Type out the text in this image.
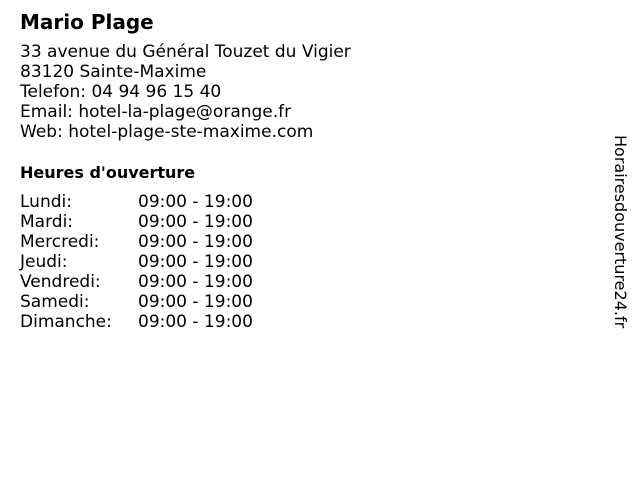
Mario Plage
33 avenue du Général Touzet du Vigier
83120 Sainte-Maxime
Telefon: 04 94 96 15 40
Email: hotel-la-plage@orange.fr
Web: hotel-plage-ste-maxime.com
Heures d'ouverture
Lundi:	09:00 - 19:00
Mardi:	09:00 - 19:00
Mercredi:	09:00 - 19:00
Jeudi:	09:00 - 19:00
Vendredi:	09:00 - 19:00
Samedi:	09:00 - 19:00
Dimanche:	09:00 - 19:00	Horairesdouverture24.fr
